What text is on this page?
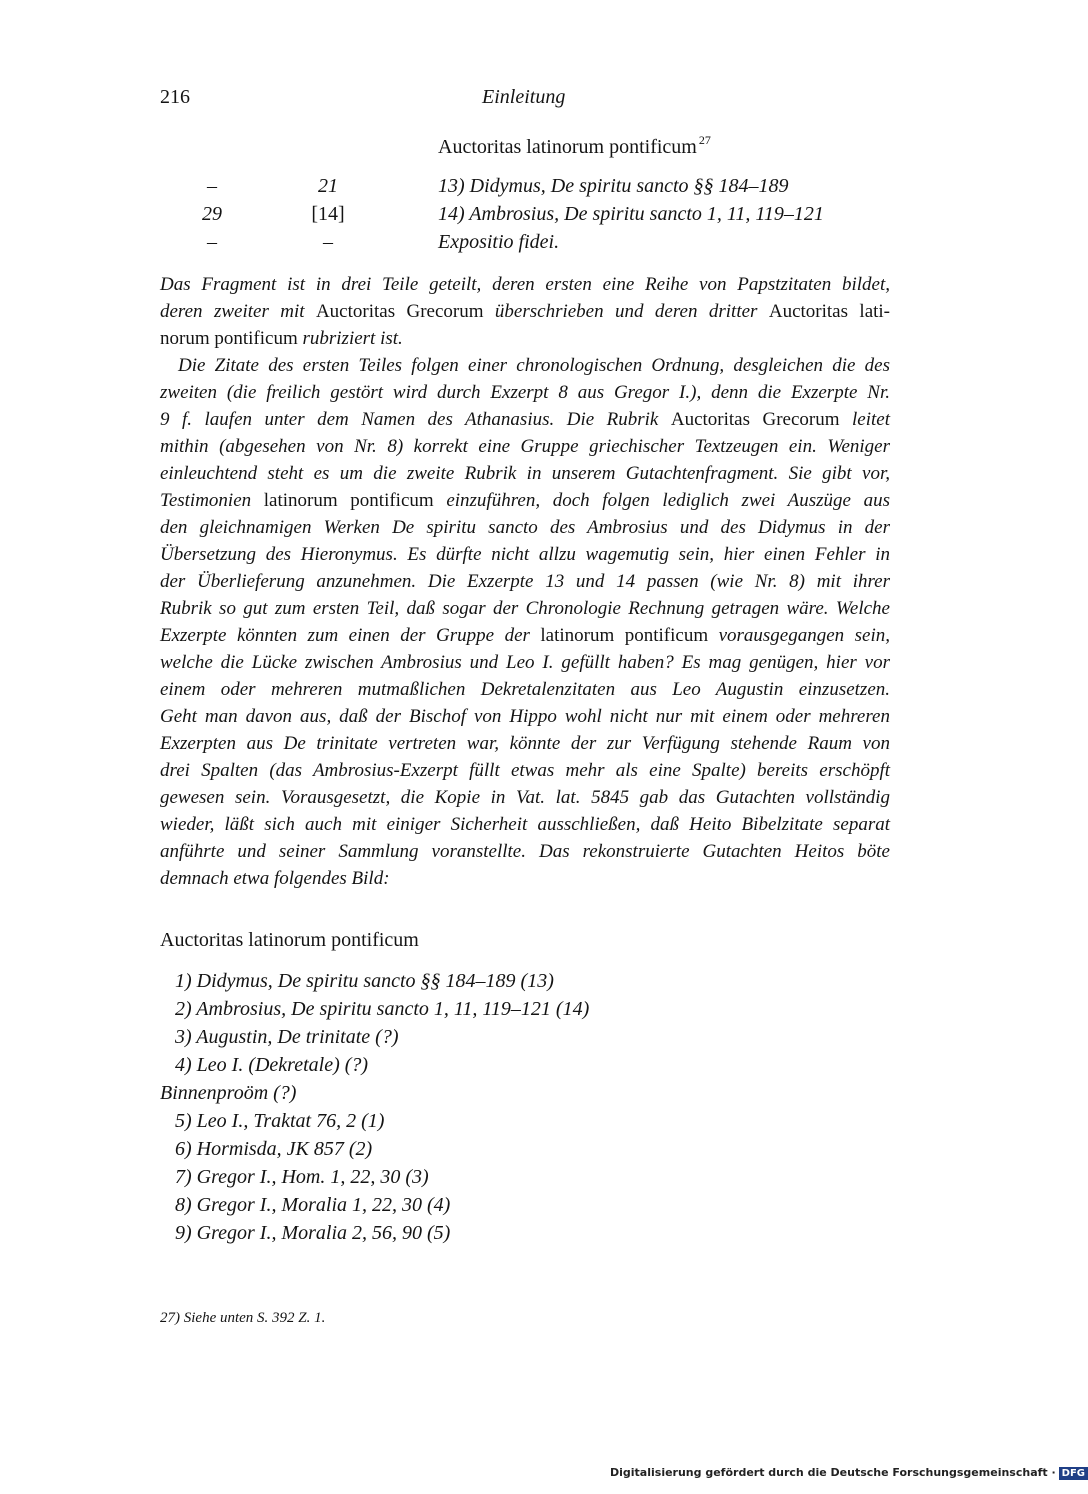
216	Einleitung
Auctoritas latinorum pontificum $^{27}$
–	21	13) Didymus, De spiritu sancto §§ 184–189
29	[14]	14) Ambrosius, De spiritu sancto 1, 11, 119–121
–	–	Expositio fidei.
Das Fragment ist in drei Teile geteilt, deren ersten eine Reihe von Papstzitaten bildet,
deren zweiter mit Auctoritas Grecorum überschrieben und deren dritter Auctoritas lati-
norum pontificum rubriziert ist.
Die Zitate des ersten Teiles folgen einer chronologischen Ordnung, desgleichen die des
zweiten (die freilich gestört wird durch Exzerpt 8 aus Gregor I.), denn die Exzerpte Nr.
9 f. laufen unter dem Namen des Athanasius. Die Rubrik Auctoritas Grecorum leitet
mithin (abgesehen von Nr. 8) korrekt eine Gruppe griechischer Textzeugen ein. Weniger
einleuchtend steht es um die zweite Rubrik in unserem Gutachtenfragment. Sie gibt vor,
Testimonien latinorum pontificum einzuführen, doch folgen lediglich zwei Auszüge aus
den gleichnamigen Werken De spiritu sancto des Ambrosius und des Didymus in der
Übersetzung des Hieronymus. Es dürfte nicht allzu wagemutig sein, hier einen Fehler in
der Überlieferung anzunehmen. Die Exzerpte 13 und 14 passen (wie Nr. 8) mit ihrer
Rubrik so gut zum ersten Teil, daß sogar der Chronologie Rechnung getragen wäre. Welche
Exzerpte könnten zum einen der Gruppe der latinorum pontificum vorausgegangen sein,
welche die Lücke zwischen Ambrosius und Leo I. gefüllt haben? Es mag genügen, hier vor
einem oder mehreren mutmaßlichen Dekretalenzitaten aus Leo Augustin einzusetzen.
Geht man davon aus, daß der Bischof von Hippo wohl nicht nur mit einem oder mehreren
Exzerpten aus De trinitate vertreten war, könnte der zur Verfügung stehende Raum von
drei Spalten (das Ambrosius-Exzerpt füllt etwas mehr als eine Spalte) bereits erschöpft
gewesen sein. Vorausgesetzt, die Kopie in Vat. lat. 5845 gab das Gutachten vollständig
wieder, läßt sich auch mit einiger Sicherheit ausschließen, daß Heito Bibelzitate separat
anführte und seiner Sammlung voranstellte. Das rekonstruierte Gutachten Heitos böte
demnach etwa folgendes Bild:
Auctoritas latinorum pontificum
1) Didymus, De spiritu sancto §§ 184–189 (13)
2) Ambrosius, De spiritu sancto 1, 11, 119–121 (14)
3) Augustin, De trinitate (?)
4) Leo I. (Dekretale) (?)
Binnenproöm (?)
5) Leo I., Traktat 76, 2 (1)
6) Hormisda, JK 857 (2)
7) Gregor I., Hom. 1, 22, 30 (3)
8) Gregor I., Moralia 1, 22, 30 (4)
9) Gregor I., Moralia 2, 56, 90 (5)
27) Siehe unten S. 392 Z. 1.
Digitalisierung gefördert durch die Deutsche Forschungsgemeinschaft · DFG
